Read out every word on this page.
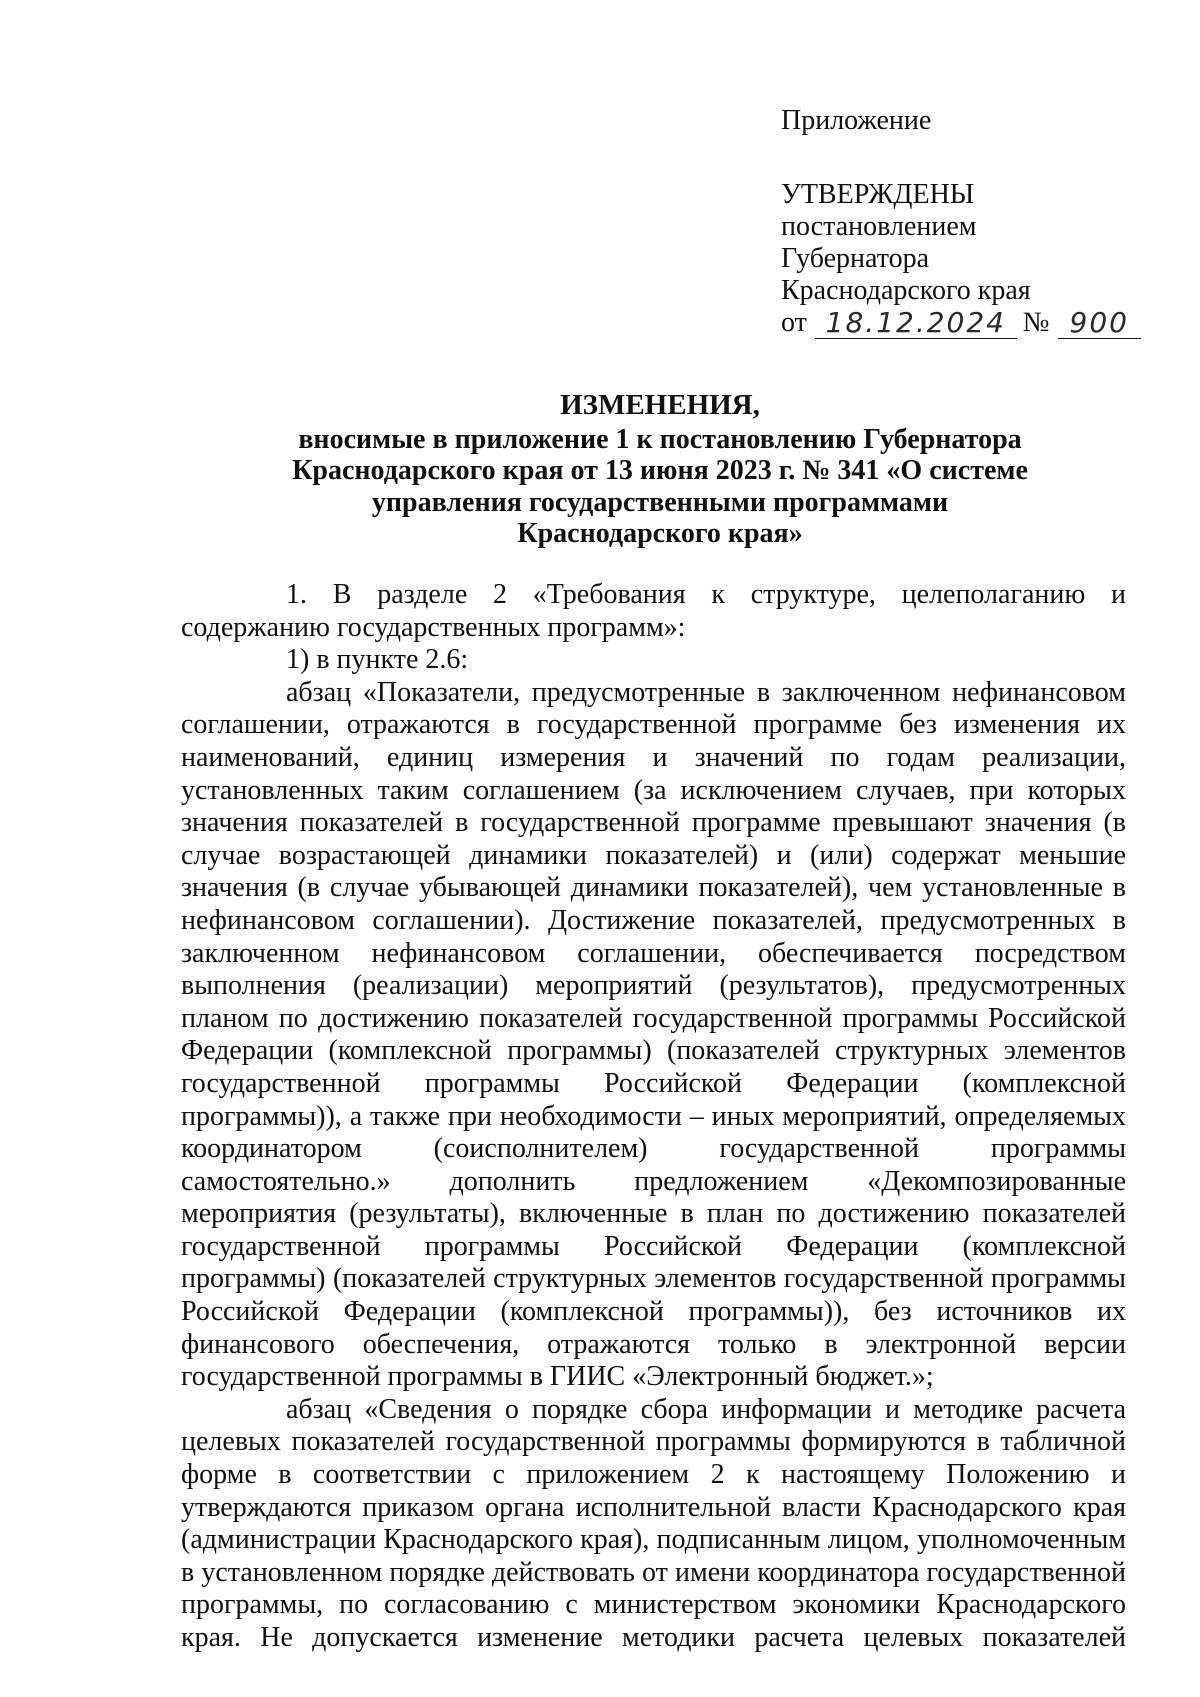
Приложение
УТВЕРЖДЕНЫ
постановлением
Губернатора
Краснодарского края
от 18.12.2024 № 900
ИЗМЕНЕНИЯ,
вносимые в приложение 1 к постановлению Губернатора
Краснодарского края от 13 июня 2023 г. № 341 «О системе
управления государственными программами
Краснодарского края»

1. В разделе 2 «Требования к структуре, целеполаганию и содержанию государственных программ»:

1) в пункте 2.6:

абзац «Показатели, предусмотренные в заключенном нефинансовом соглашении, отражаются в государственной программе без изменения их наименований, единиц измерения и значений по годам реализации, установленных таким соглашением (за исключением случаев, при которых значения показателей в государственной программе превышают значения (в случае возрастающей динамики показателей) и (или) содержат меньшие значения (в случае убывающей динамики показателей), чем установленные в нефинансовом соглашении). Достижение показателей, предусмотренных в заключенном нефинансовом соглашении, обеспечивается посредством выполнения (реализации) мероприятий (результатов), предусмотренных планом по достижению показателей государственной программы Российской Федерации (комплексной программы) (показателей структурных элементов государственной программы Российской Федерации (комплексной программы)), а также при необходимости – иных мероприятий, определяемых координатором (соисполнителем) государственной программы самостоятельно.» дополнить предложением «Декомпозированные мероприятия (результаты), включенные в план по достижению показателей государственной программы Российской Федерации (комплексной программы) (показателей структурных элементов государственной программы Российской Федерации (комплексной программы)), без источников их финансового обеспечения, отражаются только в электронной версии государственной программы в ГИИС «Электронный бюджет.»;

абзац «Сведения о порядке сбора информации и методике расчета целевых показателей государственной программы формируются в табличной форме в соответствии с приложением 2 к настоящему Положению и утверждаются приказом органа исполнительной власти Краснодарского края (администрации Краснодарского края), подписанным лицом, уполномоченным в установленном порядке действовать от имени координатора государственной программы, по согласованию с министерством экономики Краснодарского края. Не допускается изменение методики расчета целевых показателей
